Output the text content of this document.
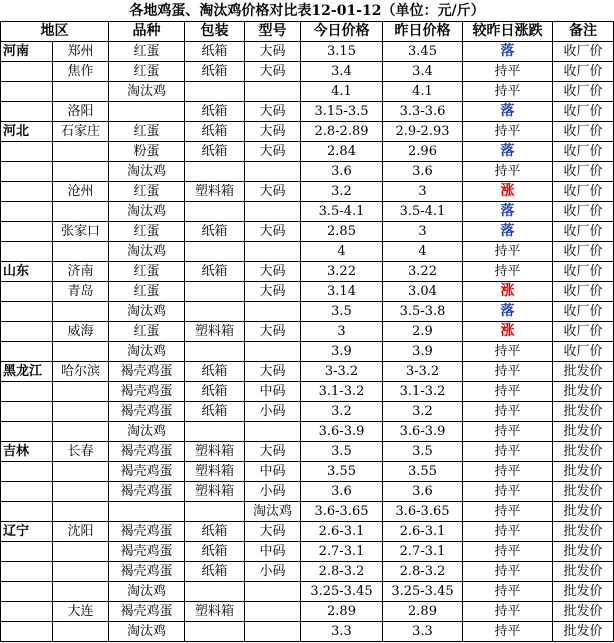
各地鸡蛋、淘汰鸡价格对比表12-01-12（单位：元/斤）
地区		品种	包装	型号	今日价格	昨日价格	较昨日涨跌	备注
河南	郑州	红蛋	纸箱	大码	3.15	3.45	落	收厂价
	焦作	红蛋	纸箱	大码	3.4	3.4	持平	收厂价
		淘汰鸡			4.1	4.1	持平	收厂价
	洛阳		纸箱	大码	3.15-3.5	3.3-3.6	落	收厂价
河北	石家庄	红蛋	纸箱	大码	2.8-2.89	2.9-2.93	持平	收厂价
		粉蛋	纸箱	大码	2.84	2.96	落	收厂价
		淘汰鸡			3.6	3.6	持平	收厂价
	沧州	红蛋	塑料箱	大码	3.2	3	涨	收厂价
		淘汰鸡			3.5-4.1	3.5-4.1	落	收厂价
	张家口	红蛋	纸箱	大码	2.85	3	落	收厂价
		淘汰鸡			4	4	持平	收厂价
山东	济南	红蛋	纸箱	大码	3.22	3.22	持平	收厂价
	青岛	红蛋		大码	3.14	3.04	涨	收厂价
		淘汰鸡			3.5	3.5-3.8	落	收厂价
	威海	红蛋	塑料箱	大码	3	2.9	涨	收厂价
		淘汰鸡			3.9	3.9	持平	收厂价
黑龙江	哈尔滨	褐壳鸡蛋	纸箱	大码	3-3.2	3-3.2	持平	批发价
		褐壳鸡蛋	纸箱	中码	3.1-3.2	3.1-3.2	持平	批发价
		褐壳鸡蛋	纸箱	小码	3.2	3.2	持平	批发价
		淘汰鸡			3.6-3.9	3.6-3.9	持平	批发价
吉林	长春	褐壳鸡蛋	塑料箱	大码	3.5	3.5	持平	批发价
		褐壳鸡蛋	塑料箱	中码	3.55	3.55	持平	批发价
		褐壳鸡蛋	塑料箱	小码	3.6	3.6	持平	批发价
				淘汰鸡	3.6-3.65	3.6-3.65	持平	批发价
辽宁	沈阳	褐壳鸡蛋	纸箱	大码	2.6-3.1	2.6-3.1	持平	批发价
		褐壳鸡蛋	纸箱	中码	2.7-3.1	2.7-3.1	持平	批发价
		褐壳鸡蛋	纸箱	小码	2.8-3.2	2.8-3.2	持平	批发价
		淘汰鸡			3.25-3.45	3.25-3.45	持平	批发价
	大连	褐壳鸡蛋	塑料箱		2.89	2.89	持平	批发价
		淘汰鸡			3.3	3.3	持平	批发价
